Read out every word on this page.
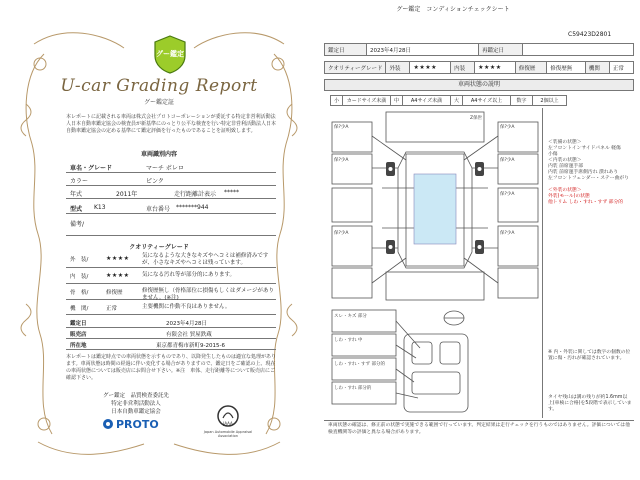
グー鑑定
U-car Grading Report
グー鑑定証
本レポートに記載される車両は株式会社プロトコーポレーションが委託する特定非営利活動法人日本自動車鑑定協会の検査員が新基準にのっとり公平な検査を行い特定非営利活動法人日本自動車鑑定協会の定める基準にて鑑定評価を行ったものであることを証明致します。
車両識別内容
車名・グレード	マーチ ボレロ
カラー	ピンク
年式	2011年	走行距離計表示 *****
型式 K13	車台番号 *******944
備考/
クオリティーグレード
外　装/	★★★★ 気になるような大きなキズやヘコミは補修済みですが、小さなキズやヘコミは残っています。
内　装/	★★★★ 気になる汚れ等が部分的にあります。
骨　格/	修復歴	修復歴無し（骨格部位に損傷もしくはダメージがありません。(※注)
機　関/	正常	主要機関に作動不良はありません。
鑑定日	2023年4月28日
販売店	有限会社 貿屋鉄蔵
所在地	東京都青梅市新町9-2015-6
本レポートは鑑定時点での車両状態を示すものであり、以降発生したものは適宜な処理があります。車両状態は時間の経過に伴い変化する場合がありますので、鑑定日をご確認の上、現在の車両状態については販売店にお問合せ下さい。※注　車体、走行距離等について販売店にご確認下さい。
グー鑑定　品質検査委託先
特定非営利活動法人
日本自動車鑑定協会
JAAA
Japan Automobile Appraisal Association
PROTO
グー鑑定　コンディションチェックシート
C59423D2801
鑑定日	2023年4月28日	再鑑定日	
クオリティーグレード	外装	★★★★	内装	★★★★	修復歴	修復歴無	機関	正常
車両状態の説明
小	カードサイズ未満	中	A4サイズ未満	大	A4サイズ以上	数字	2個以上
保?少A
保?少A
保?少A
Z保世
保?少A
保?少A
保?少A
保?少A
スレ・キズ 部分
しわ・すれ 中
しわ・すれ・すず 部分的
しわ・すれ 部分的
＜装備の状態＞
左フロントインサイドパネル 軽傷
小傷
＜内装の状態＞
内装 前席運手部
内装 前席運手席側汚れ 潰れあり
左フロントフェンダー・ステー曲がり
＜外装の状態＞
外装(モール)の状態
他トリム しわ・すれ・すず 部分的
※ 内・外装に関しては数字の個数の位置に傷・汚れが確認されています。
タイヤ残山は溝の残りが約1.6mm以上(車検に合格)を5段階で表示しています。
車両状態の確認は、修正前の状態で実施できる範囲で行っています。判定結果は走行チェックを行うものではありません。評価については他検査機関等の評価と異なる場合があります。
